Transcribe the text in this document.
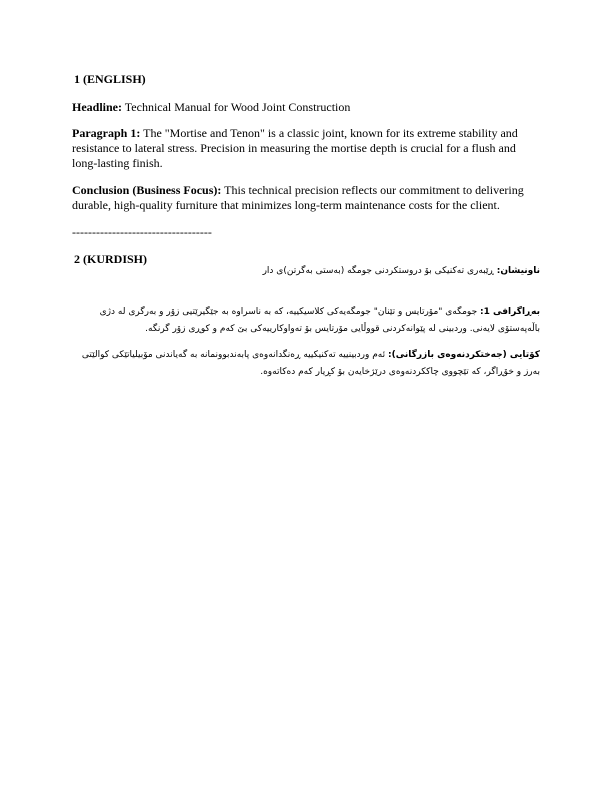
1 (ENGLISH)
Headline: Technical Manual for Wood Joint Construction
Paragraph 1: The "Mortise and Tenon" is a classic joint, known for its extreme stability and resistance to lateral stress. Precision in measuring the mortise depth is crucial for a flush and long-lasting finish.
Conclusion (Business Focus): This technical precision reflects our commitment to delivering durable, high-quality furniture that minimizes long-term maintenance costs for the client.
-----------------------------------
2 (KURDISH)
ناونیشان: ڕێبەری تەکنیکی بۆ دروستکردنی جومگە (بەستی بەگرتن)ی دار
بەڕاگرافی 1: جومگەی "مۆرتایس و تێنان" جومگەیەکی کلاسیکییە، کە بە ناسراوە بە جێگیرێتیی زۆر و بەرگری لە دژی باڵەپەستۆی لایەنی. وردبینی لە پێوانەکردنی قووڵایی مۆرتایس بۆ تەواوکارییەکی بێ کەم و کوڕی زۆر گرنگە.
کۆتایی (جەختکردنەوەی بازرگانی): ئەم وردبینییە تەکنیکییە ڕەنگدانەوەی پابەندبوونمانە بە گەیاندنی مۆبیلیاتێکی کوالێتی بەرز و خۆڕاگر، کە تێچووی چاککردنەوەی درێژخایەن بۆ کڕیار کەم دەکاتەوە.
